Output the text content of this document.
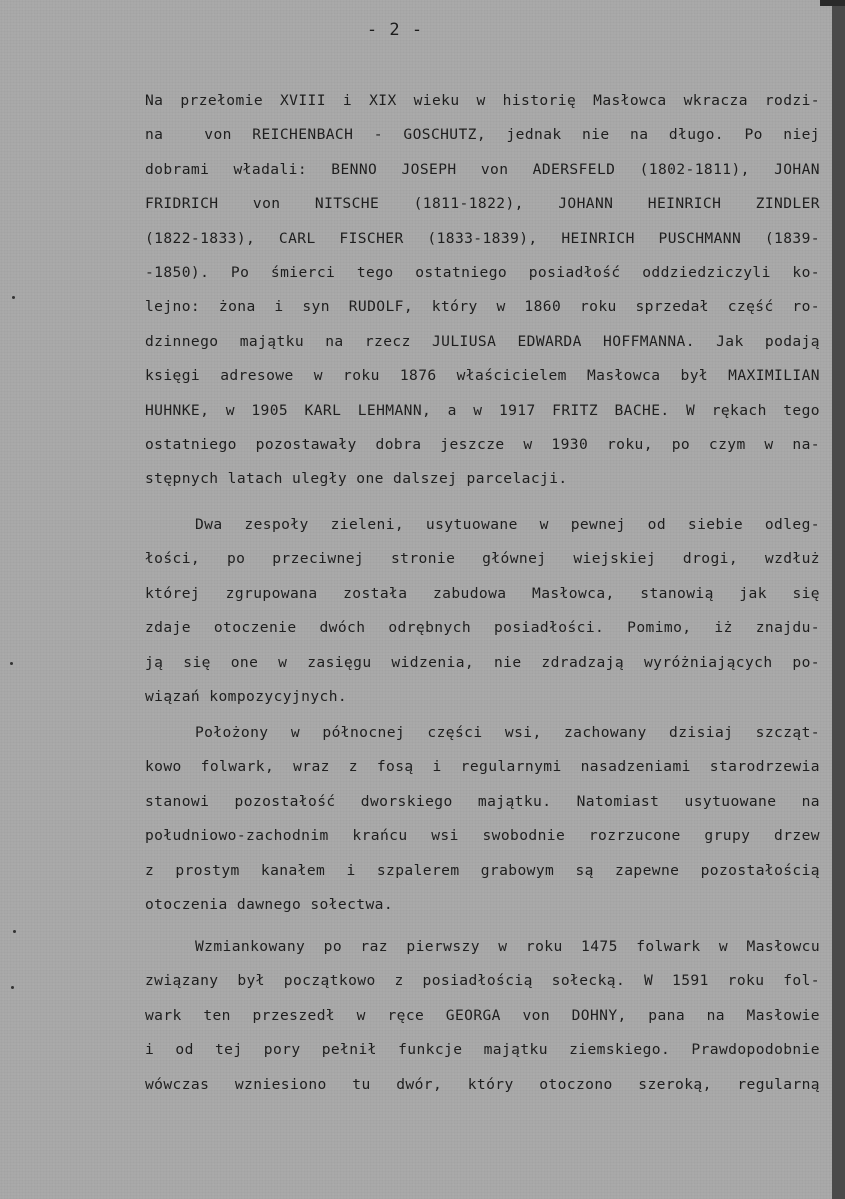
- 2 -
Na przełomie XVIII i XIX wieku w historię Masłowca wkracza rodzi-
na  von REICHENBACH - GOSCHUTZ, jednak nie na długo. Po niej
dobrami władali: BENNO JOSEPH von ADERSFELD (1802-1811), JOHAN
FRIDRICH von NITSCHE (1811-1822), JOHANN HEINRICH ZINDLER
(1822-1833), CARL FISCHER (1833-1839), HEINRICH PUSCHMANN (1839-
-1850). Po śmierci tego ostatniego posiadłość oddziedziczyli ko-
lejno: żona i syn RUDOLF, który w 1860 roku sprzedał część ro-
dzinnego majątku na rzecz JULIUSA EDWARDA HOFFMANNA. Jak podają
księgi adresowe w roku 1876 właścicielem Masłowca był MAXIMILIAN
HUHNKE, w 1905 KARL LEHMANN, a w 1917 FRITZ BACHE. W rękach tego
ostatniego pozostawały dobra jeszcze w 1930 roku, po czym w na-
stępnych latach uległy one dalszej parcelacji.
Dwa zespoły zieleni, usytuowane w pewnej od siebie odleg-
łości, po przeciwnej stronie głównej wiejskiej drogi, wzdłuż
której zgrupowana została zabudowa Masłowca, stanowią jak się
zdaje otoczenie dwóch odrębnych posiadłości. Pomimo, iż znajdu-
ją się one w zasięgu widzenia, nie zdradzają wyróżniających po-
wiązań kompozycyjnych.
Położony w północnej części wsi, zachowany dzisiaj szcząt-
kowo folwark, wraz z fosą i regularnymi nasadzeniami starodrzewia
stanowi pozostałość dworskiego majątku. Natomiast usytuowane na
południowo-zachodnim krańcu wsi swobodnie rozrzucone grupy drzew
z prostym kanałem i szpalerem grabowym są zapewne pozostałością
otoczenia dawnego sołectwa.
Wzmiankowany po raz pierwszy w roku 1475 folwark w Masłowcu
związany był początkowo z posiadłością sołecką. W 1591 roku fol-
wark ten przeszedł w ręce GEORGA von DOHNY, pana na Masłowie
i od tej pory pełnił funkcje majątku ziemskiego. Prawdopodobnie
wówczas wzniesiono tu dwór, który otoczono szeroką, regularną
